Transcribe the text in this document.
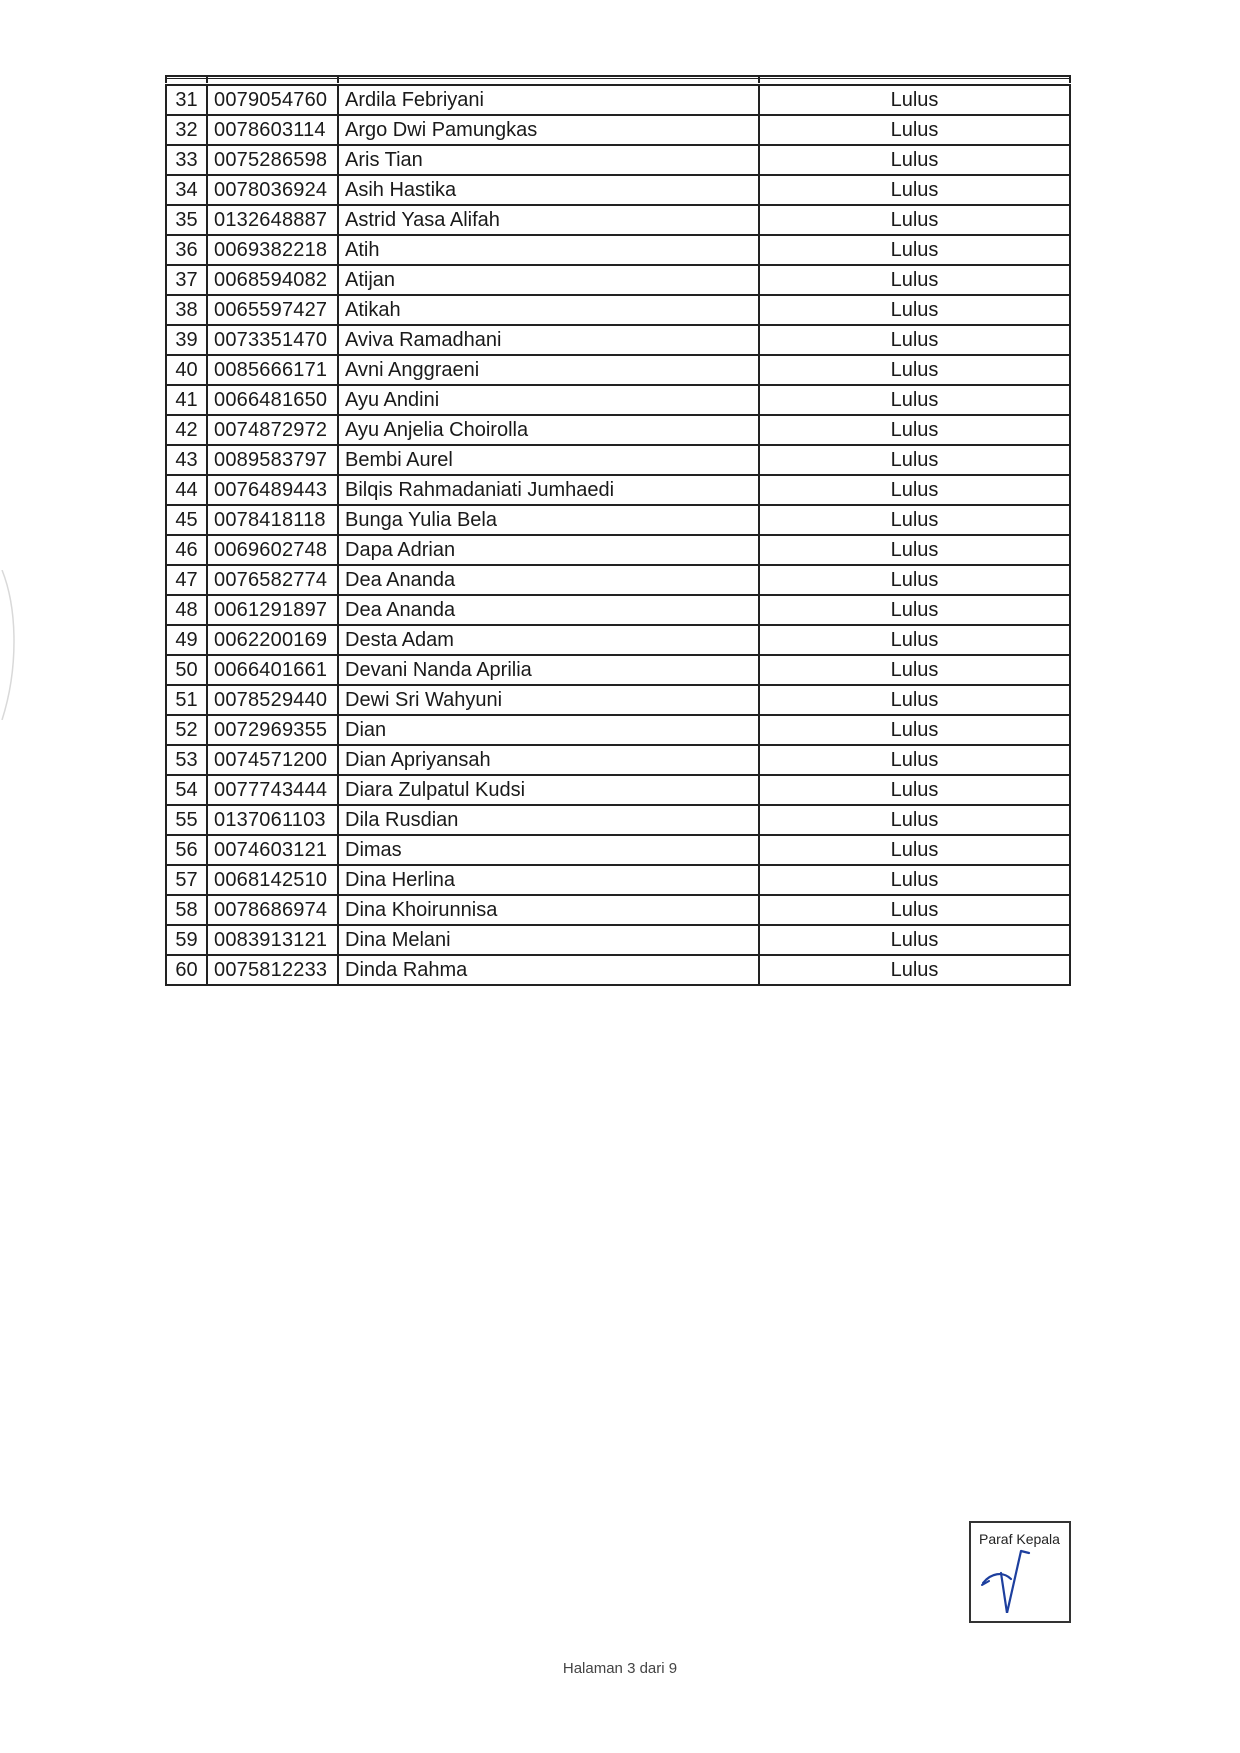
31	0079054760	Ardila Febriyani	Lulus
32	0078603114	Argo Dwi Pamungkas	Lulus
33	0075286598	Aris Tian	Lulus
34	0078036924	Asih Hastika	Lulus
35	0132648887	Astrid Yasa Alifah	Lulus
36	0069382218	Atih	Lulus
37	0068594082	Atijan	Lulus
38	0065597427	Atikah	Lulus
39	0073351470	Aviva Ramadhani	Lulus
40	0085666171	Avni Anggraeni	Lulus
41	0066481650	Ayu Andini	Lulus
42	0074872972	Ayu Anjelia Choirolla	Lulus
43	0089583797	Bembi Aurel	Lulus
44	0076489443	Bilqis Rahmadaniati Jumhaedi	Lulus
45	0078418118	Bunga Yulia Bela	Lulus
46	0069602748	Dapa Adrian	Lulus
47	0076582774	Dea Ananda	Lulus
48	0061291897	Dea Ananda	Lulus
49	0062200169	Desta Adam	Lulus
50	0066401661	Devani Nanda Aprilia	Lulus
51	0078529440	Dewi Sri Wahyuni	Lulus
52	0072969355	Dian	Lulus
53	0074571200	Dian Apriyansah	Lulus
54	0077743444	Diara Zulpatul Kudsi	Lulus
55	0137061103	Dila Rusdian	Lulus
56	0074603121	Dimas	Lulus
57	0068142510	Dina Herlina	Lulus
58	0078686974	Dina Khoirunnisa	Lulus
59	0083913121	Dina Melani	Lulus
60	0075812233	Dinda Rahma	Lulus
Paraf Kepala
Halaman 3 dari 9
